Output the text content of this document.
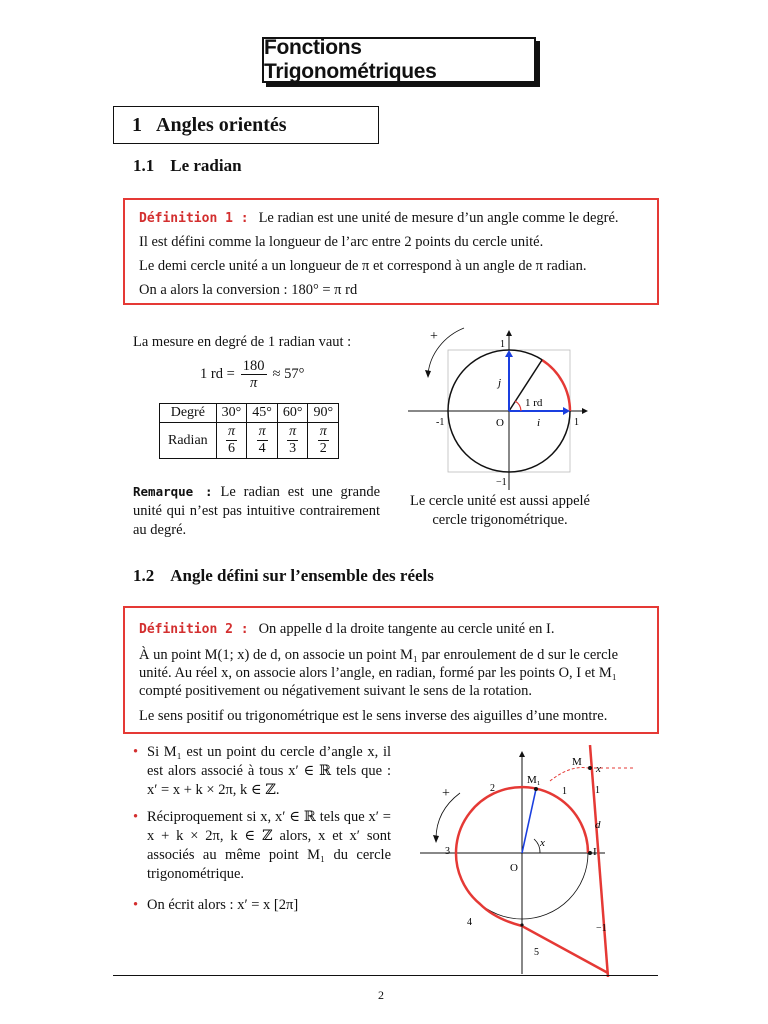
Fonctions Trigonométriques
1 Angles orientés
1.1 Le radian

Définition 1 : Le radian est une unité de mesure d’un angle comme le degré.

Il est défini comme la longueur de l’arc entre 2 points du cercle unité.

Le demi cercle unité a un longueur de π et correspond à un angle de π radian.

On a alors la conversion : 180° = π rd

La mesure en degré de 1 radian vaut :
1 rd = $\frac{180}{\pi} \approx 57^\circ$
Degré	30°	45°	60°	90°
Radian	$\frac{\pi}{6}$	$\frac{\pi}{4}$	$\frac{\pi}{3}$	$\frac{\pi}{2}$
Remarque : Le radian est une grande unité qui n’est pas intuitive contrairement au degré.
+
1 rd
1
−1
-1	1
O	i⃗
j⃗
Le cercle unité est aussi appelé
cercle trigonométrique.
1.2 Angle défini sur l’ensemble des réels

Définition 2 : On appelle d la droite tangente au cercle unité en I.

À un point M(1; x) de d, on associe un point M₁ par enroulement de d sur le cercle unité. Au réel x, on associe alors l’angle, en radian, formé par les points O, I et M₁ compté positivement ou négativement suivant le sens de la rotation.

Le sens positif ou trigonométrique est le sens inverse des aiguilles d’une montre.

• Si M₁ est un point du cercle d’angle x, il est alors associé à tous x′ ∈ ℝ tels que : x′ = x + k × 2π, k ∈ ℤ.
• Réciproquement si x, x′ ∈ ℝ tels que x′ = x + k × 2π, k ∈ ℤ alors, x et x′ sont associés au même point M₁ du cercle trigonométrique.
• On écrit alors : x′ = x [2π]
+
M
x
M₁
1
2
3
4
5
1
d
x
O
I
−1
2
